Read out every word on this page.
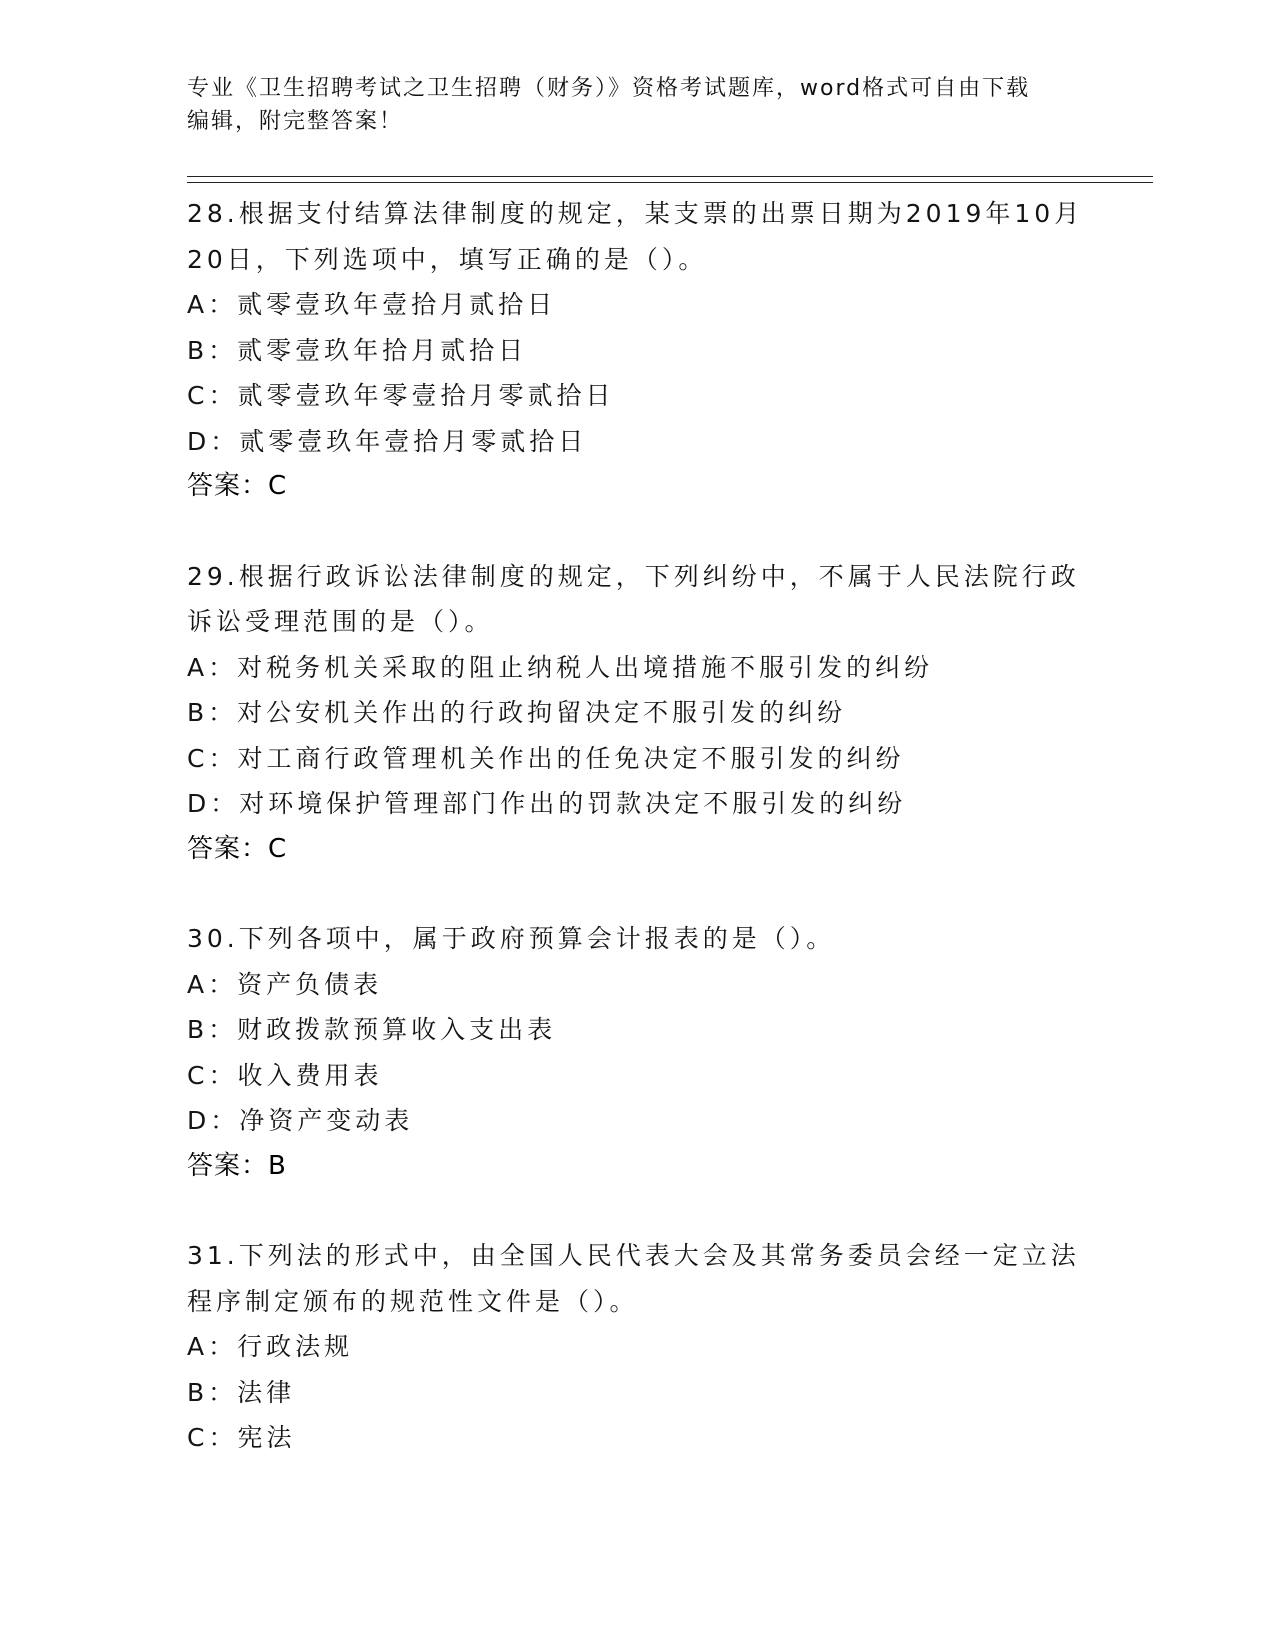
专业《卫生招聘考试之卫生招聘（财务）》资格考试题库，word格式可自由下载
编辑，附完整答案！
28.根据支付结算法律制度的规定，某支票的出票日期为2019年10月
20日，下列选项中，填写正确的是（）。
A：贰零壹玖年壹拾月贰拾日
B：贰零壹玖年拾月贰拾日
C：贰零壹玖年零壹拾月零贰拾日
D：贰零壹玖年壹拾月零贰拾日
答案：C
29.根据行政诉讼法律制度的规定，下列纠纷中，不属于人民法院行政
诉讼受理范围的是（）。
A：对税务机关采取的阻止纳税人出境措施不服引发的纠纷
B：对公安机关作出的行政拘留决定不服引发的纠纷
C：对工商行政管理机关作出的任免决定不服引发的纠纷
D：对环境保护管理部门作出的罚款决定不服引发的纠纷
答案：C
30.下列各项中，属于政府预算会计报表的是（）。
A：资产负债表
B：财政拨款预算收入支出表
C：收入费用表
D：净资产变动表
答案：B
31.下列法的形式中，由全国人民代表大会及其常务委员会经一定立法
程序制定颁布的规范性文件是（）。
A：行政法规
B：法律
C：宪法
